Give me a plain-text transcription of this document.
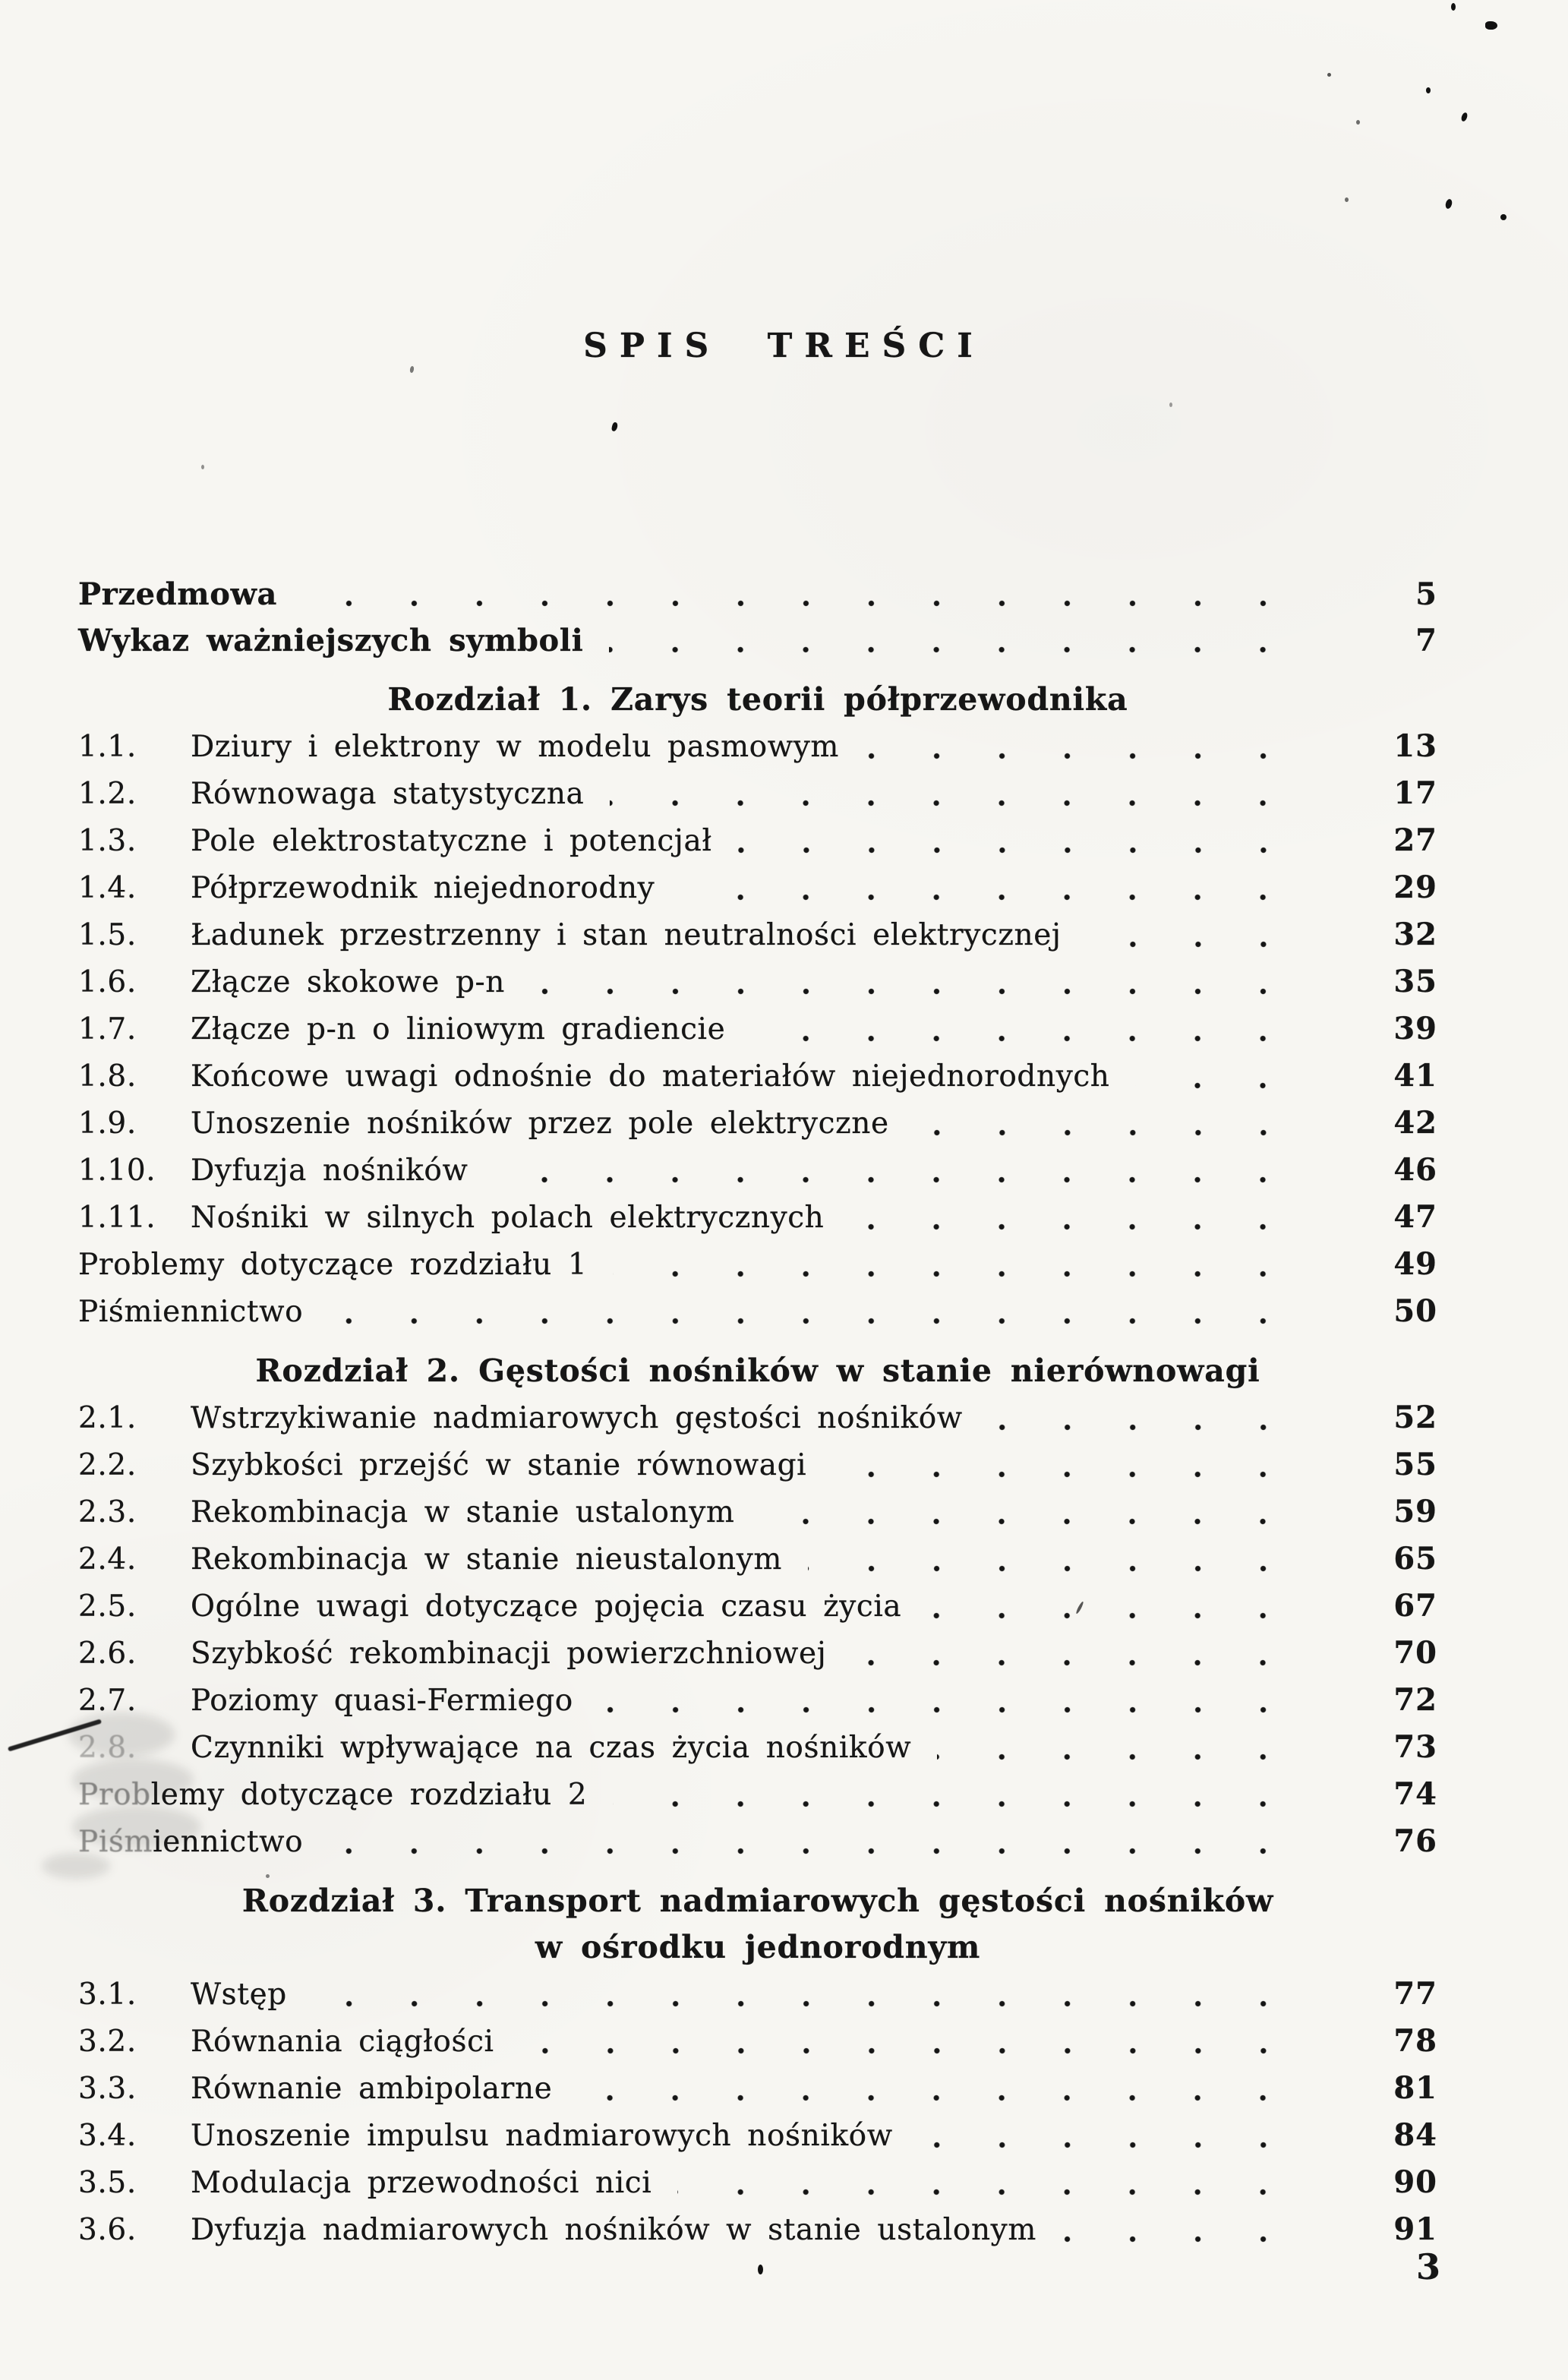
SPIS TREŚCI
Przedmowa	5
Wykaz ważniejszych symboli	7
Rozdział 1. Zarys teorii półprzewodnika
1.1.	Dziury i elektrony w modelu pasmowym	13
1.2.	Równowaga statystyczna	17
1.3.	Pole elektrostatyczne i potencjał	27
1.4.	Półprzewodnik niejednorodny	29
1.5.	Ładunek przestrzenny i stan neutralności elektrycznej	32
1.6.	Złącze skokowe p-n	35
1.7.	Złącze p-n o liniowym gradiencie	39
1.8.	Końcowe uwagi odnośnie do materiałów niejednorodnych	41
1.9.	Unoszenie nośników przez pole elektryczne	42
1.10.	Dyfuzja nośników	46
1.11.	Nośniki w silnych polach elektrycznych	47
Problemy dotyczące rozdziału 1	49
Piśmiennictwo	50
Rozdział 2. Gęstości nośników w stanie nierównowagi
2.1.	Wstrzykiwanie nadmiarowych gęstości nośników	52
2.2.	Szybkości przejść w stanie równowagi	55
2.3.	Rekombinacja w stanie ustalonym	59
2.4.	Rekombinacja w stanie nieustalonym	65
2.5.	Ogólne uwagi dotyczące pojęcia czasu życia	67
2.6.	Szybkość rekombinacji powierzchniowej	70
2.7.	Poziomy quasi-Fermiego	72
2.8.	Czynniki wpływające na czas życia nośników	73
Problemy dotyczące rozdziału 2	74
Piśmiennictwo	76
Rozdział 3. Transport nadmiarowych gęstości nośników
w ośrodku jednorodnym
3.1.	Wstęp	77
3.2.	Równania ciągłości	78
3.3.	Równanie ambipolarne	81
3.4.	Unoszenie impulsu nadmiarowych nośników	84
3.5.	Modulacja przewodności nici	90
3.6.	Dyfuzja nadmiarowych nośników w stanie ustalonym	91
3
